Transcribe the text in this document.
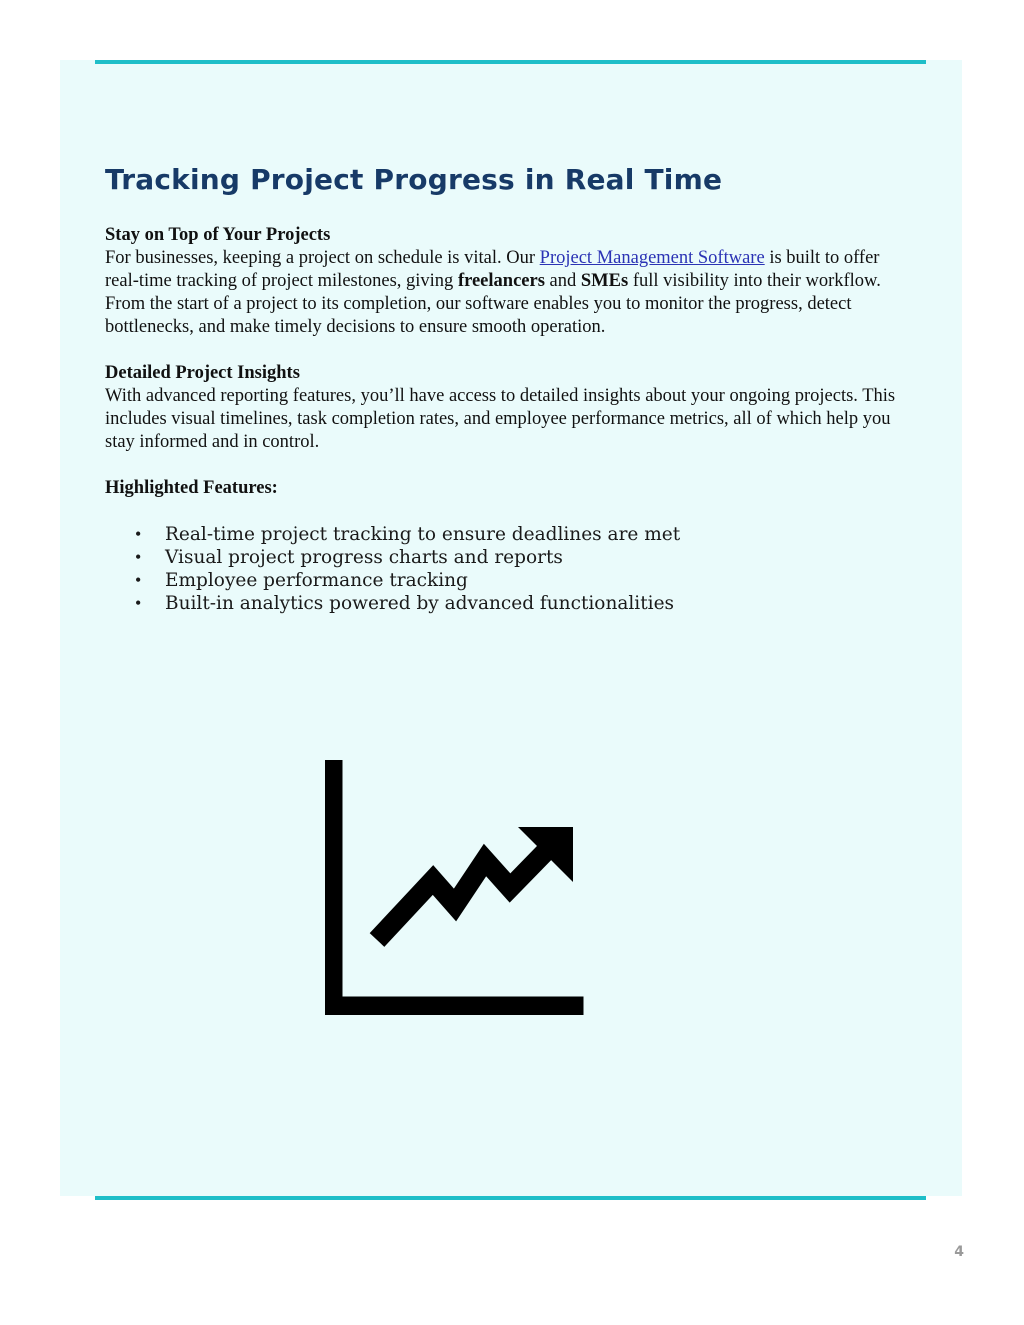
Tracking Project Progress in Real Time
Stay on Top of Your Projects

For businesses, keeping a project on schedule is vital. Our Project Management Software is built to offer real-time tracking of project milestones, giving freelancers and SMEs full visibility into their workflow. From the start of a project to its completion, our software enables you to monitor the progress, detect bottlenecks, and make timely decisions to ensure smooth operation.

Detailed Project Insights

With advanced reporting features, you’ll have access to detailed insights about your ongoing projects. This includes visual timelines, task completion rates, and employee performance metrics, all of which help you stay informed and in control.

Highlighted Features:
• Real-time project tracking to ensure deadlines are met
• Visual project progress charts and reports
• Employee performance tracking
• Built-in analytics powered by advanced functionalities
4
